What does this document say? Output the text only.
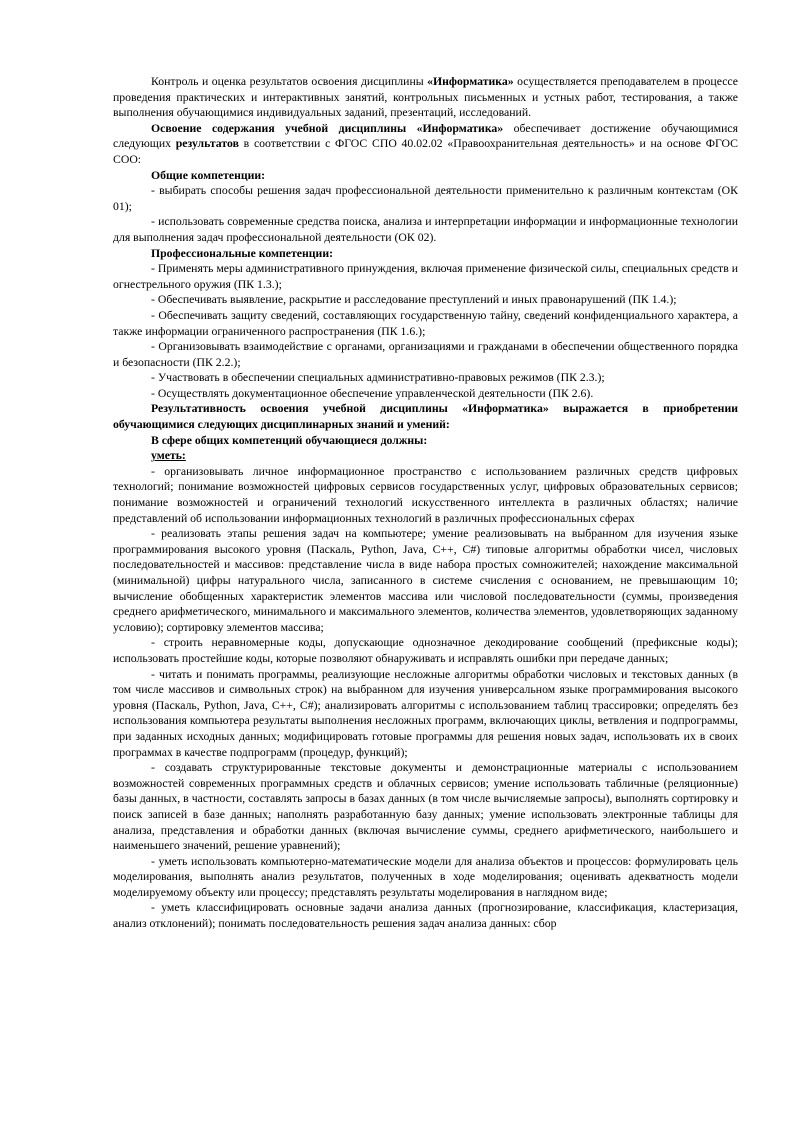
Контроль и оценка результатов освоения дисциплины «Информатика» осуществляется преподавателем в процессе проведения практических и интерактивных занятий, контрольных письменных и устных работ, тестирования, а также выполнения обучающимися индивидуальных заданий, презентаций, исследований.

Освоение содержания учебной дисциплины «Информатика» обеспечивает достижение обучающимися следующих результатов в соответствии с ФГОС СПО 40.02.02 «Правоохранительная деятельность» и на основе ФГОС СОО:

Общие компетенции:

- выбирать способы решения задач профессиональной деятельности применительно к различным контекстам (ОК 01);

- использовать современные средства поиска, анализа и интерпретации информации и информационные технологии для выполнения задач профессиональной деятельности (ОК 02).

Профессиональные компетенции:

- Применять меры административного принуждения, включая применение физической силы, специальных средств и огнестрельного оружия (ПК 1.3.);

- Обеспечивать выявление, раскрытие и расследование преступлений и иных правонарушений (ПК 1.4.);

- Обеспечивать защиту сведений, составляющих государственную тайну, сведений конфиденциального характера, а также информации ограниченного распространения (ПК 1.6.);

- Организовывать взаимодействие с органами, организациями и гражданами в обеспечении общественного порядка и безопасности (ПК 2.2.);

- Участвовать в обеспечении специальных административно-правовых режимов (ПК 2.3.);

- Осуществлять документационное обеспечение управленческой деятельности (ПК 2.6).

Результативность освоения учебной дисциплины «Информатика» выражается в приобретении обучающимися следующих дисциплинарных знаний и умений:

В сфере общих компетенций обучающиеся должны:

уметь:

- организовывать личное информационное пространство с использованием различных средств цифровых технологий; понимание возможностей цифровых сервисов государственных услуг, цифровых образовательных сервисов; понимание возможностей и ограничений технологий искусственного интеллекта в различных областях; наличие представлений об использовании информационных технологий в различных профессиональных сферах

- реализовать этапы решения задач на компьютере; умение реализовывать на выбранном для изучения языке программирования высокого уровня (Паскаль, Python, Java, C++, C#) типовые алгоритмы обработки чисел, числовых последовательностей и массивов: представление числа в виде набора простых сомножителей; нахождение максимальной (минимальной) цифры натурального числа, записанного в системе счисления с основанием, не превышающим 10; вычисление обобщенных характеристик элементов массива или числовой последовательности (суммы, произведения среднего арифметического, минимального и максимального элементов, количества элементов, удовлетворяющих заданному условию); сортировку элементов массива;

- строить неравномерные коды, допускающие однозначное декодирование сообщений (префиксные коды); использовать простейшие коды, которые позволяют обнаруживать и исправлять ошибки при передаче данных;

- читать и понимать программы, реализующие несложные алгоритмы обработки числовых и текстовых данных (в том числе массивов и символьных строк) на выбранном для изучения универсальном языке программирования высокого уровня (Паскаль, Python, Java, C++, C#); анализировать алгоритмы с использованием таблиц трассировки; определять без использования компьютера результаты выполнения несложных программ, включающих циклы, ветвления и подпрограммы, при заданных исходных данных; модифицировать готовые программы для решения новых задач, использовать их в своих программах в качестве подпрограмм (процедур, функций);

- создавать структурированные текстовые документы и демонстрационные материалы с использованием возможностей современных программных средств и облачных сервисов; умение использовать табличные (реляционные) базы данных, в частности, составлять запросы в базах данных (в том числе вычисляемые запросы), выполнять сортировку и поиск записей в базе данных; наполнять разработанную базу данных; умение использовать электронные таблицы для анализа, представления и обработки данных (включая вычисление суммы, среднего арифметического, наибольшего и наименьшего значений, решение уравнений);

- уметь использовать компьютерно-математические модели для анализа объектов и процессов: формулировать цель моделирования, выполнять анализ результатов, полученных в ходе моделирования; оценивать адекватность модели моделируемому объекту или процессу; представлять результаты моделирования в наглядном виде;

- уметь классифицировать основные задачи анализа данных (прогнозирование, классификация, кластеризация, анализ отклонений); понимать последовательность решения задач анализа данных: сбор
